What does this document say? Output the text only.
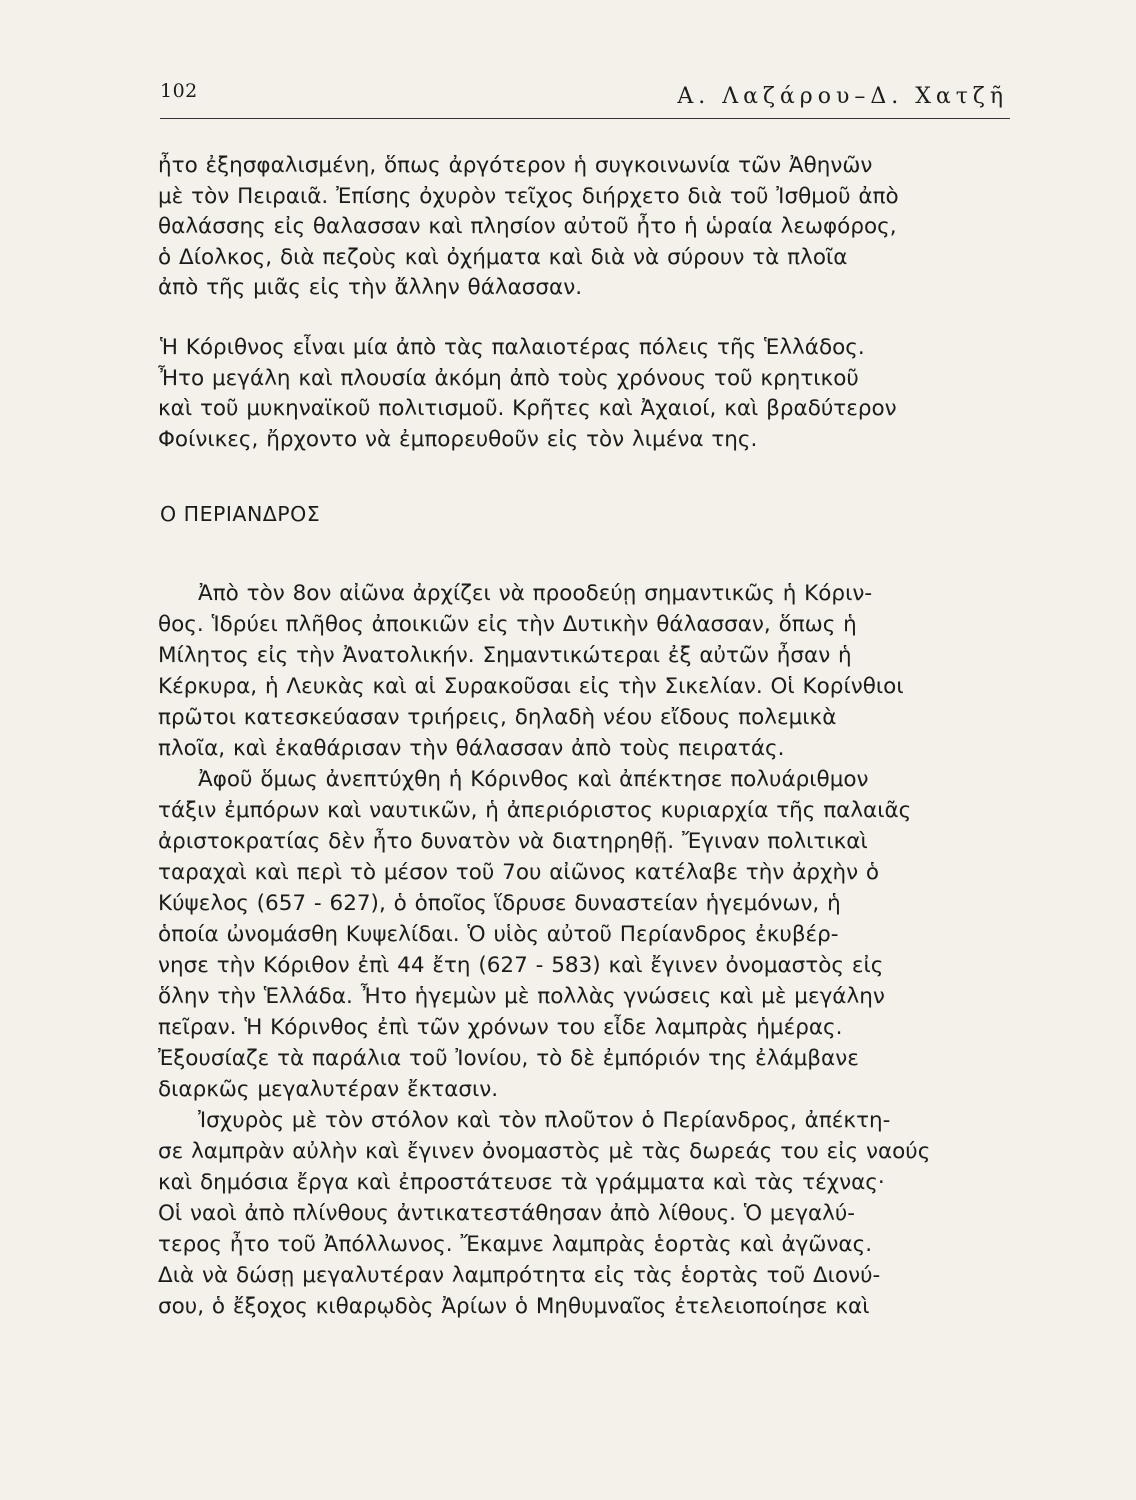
102	Α. Λαζάρου–Δ. Χατζῆ
ἦτο ἐξησφαλισμένη, ὅπως ἀργότερον ἡ συγκοινωνία τῶν Ἀθηνῶν
μὲ τὸν Πειραιᾶ. Ἐπίσης ὀχυρὸν τεῖχος διήρχετο διὰ τοῦ Ἰσθμοῦ ἀπὸ
θαλάσσης εἰς θαλασσαν καὶ πλησίον αὐτοῦ ἦτο ἡ ὡραία λεωφόρος,
ὁ Δίολκος, διὰ πεζοὺς καὶ ὀχήματα καὶ διὰ νὰ σύρουν τὰ πλοῖα
ἀπὸ τῆς μιᾶς εἰς τὴν ἄλλην θάλασσαν.
Ἡ Κόριθνος εἶναι μία ἀπὸ τὰς παλαιοτέρας πόλεις τῆς Ἑλλάδος.
Ἦτο μεγάλη καὶ πλουσία ἀκόμη ἀπὸ τοὺς χρόνους τοῦ κρητικοῦ
καὶ τοῦ μυκηναϊκοῦ πολιτισμοῦ. Κρῆτες καὶ Ἀχαιοί, καὶ βραδύτερον
Φοίνικες, ἤρχοντο νὰ ἐμπορευθοῦν εἰς τὸν λιμένα της.
Ο ΠΕΡΙΑΝΔΡΟΣ
Ἀπὸ τὸν 8ον αἰῶνα ἀρχίζει νὰ προοδεύῃ σημαντικῶς ἡ Κόριν-
θος. Ἱδρύει πλῆθος ἀποικιῶν εἰς τὴν Δυτικὴν θάλασσαν, ὅπως ἡ
Μίλητος εἰς τὴν Ἀνατολικήν. Σημαντικώτεραι ἐξ αὐτῶν ἦσαν ἡ
Κέρκυρα, ἡ Λευκὰς καὶ αἱ Συρακοῦσαι εἰς τὴν Σικελίαν. Οἱ Κορίνθιοι
πρῶτοι κατεσκεύασαν τριήρεις, δηλαδὴ νέου εἴδους πολεμικὰ
πλοῖα, καὶ ἐκαθάρισαν τὴν θάλασσαν ἀπὸ τοὺς πειρατάς.
Ἀφοῦ ὅμως ἀνεπτύχθη ἡ Κόρινθος καὶ ἀπέκτησε πολυάριθμον
τάξιν ἐμπόρων καὶ ναυτικῶν, ἡ ἀπεριόριστος κυριαρχία τῆς παλαιᾶς
ἀριστοκρατίας δὲν ἦτο δυνατὸν νὰ διατηρηθῇ. Ἔγιναν πολιτικαὶ
ταραχαὶ καὶ περὶ τὸ μέσον τοῦ 7ου αἰῶνος κατέλαβε τὴν ἀρχὴν ὁ
Κύψελος (657 - 627), ὁ ὁποῖος ἵδρυσε δυναστείαν ἡγεμόνων, ἡ
ὁποία ὠνομάσθη Κυψελίδαι. Ὁ υἱὸς αὐτοῦ Περίανδρος ἐκυβέρ-
νησε τὴν Κόριθον ἐπὶ 44 ἔτη (627 - 583) καὶ ἔγινεν ὀνομαστὸς εἰς
ὅλην τὴν Ἑλλάδα. Ἦτο ἡγεμὼν μὲ πολλὰς γνώσεις καὶ μὲ μεγάλην
πεῖραν. Ἡ Κόρινθος ἐπὶ τῶν χρόνων του εἶδε λαμπρὰς ἡμέρας.
Ἐξουσίαζε τὰ παράλια τοῦ Ἰονίου, τὸ δὲ ἐμπόριόν της ἐλάμβανε
διαρκῶς μεγαλυτέραν ἔκτασιν.
Ἰσχυρὸς μὲ τὸν στόλον καὶ τὸν πλοῦτον ὁ Περίανδρος, ἀπέκτη-
σε λαμπρὰν αὐλὴν καὶ ἔγινεν ὀνομαστὸς μὲ τὰς δωρεάς του εἰς ναούς
καὶ δημόσια ἔργα καὶ ἐπροστάτευσε τὰ γράμματα καὶ τὰς τέχνας·
Οἱ ναοὶ ἀπὸ πλίνθους ἀντικατεστάθησαν ἀπὸ λίθους. Ὁ μεγαλύ-
τερος ἦτο τοῦ Ἀπόλλωνος. Ἔκαμνε λαμπρὰς ἑορτὰς καὶ ἀγῶνας.
Διὰ νὰ δώσῃ μεγαλυτέραν λαμπρότητα εἰς τὰς ἑορτὰς τοῦ Διονύ-
σου, ὁ ἔξοχος κιθαρῳδὸς Ἀρίων ὁ Μηθυμναῖος ἐτελειοποίησε καὶ
